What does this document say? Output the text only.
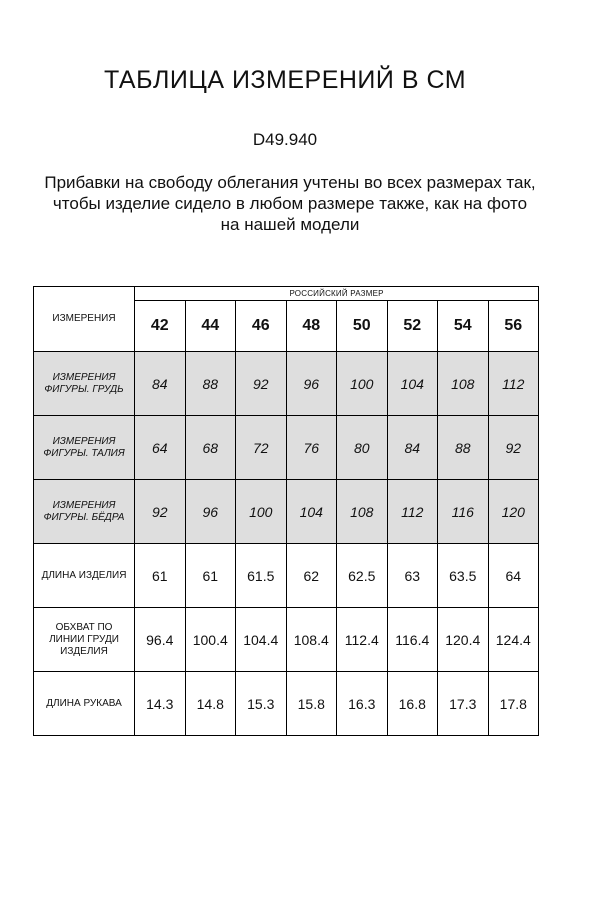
ТАБЛИЦА ИЗМЕРЕНИЙ В СМ
D49.940
Прибавки на свободу облегания учтены во всех размерах так,
чтобы изделие сидело в любом размере также, как на фото
на нашей модели
ИЗМЕРЕНИЯ	РОССИЙСКИЙ РАЗМЕР							
	42	44	46	48	50	52	54	56

ИЗМЕРЕНИЯ
ФИГУРЫ. ГРУДЬ	84	88	92	96	100	104	108	112

ИЗМЕРЕНИЯ
ФИГУРЫ. ТАЛИЯ	64	68	72	76	80	84	88	92

ИЗМЕРЕНИЯ
ФИГУРЫ. БЁДРА	92	96	100	104	108	112	116	120

ДЛИНА ИЗДЕЛИЯ	61	61	61.5	62	62.5	63	63.5	64

ОБХВАТ ПО
ЛИНИИ ГРУДИ
ИЗДЕЛИЯ	96.4	100.4	104.4	108.4	112.4	116.4	120.4	124.4

ДЛИНА РУКАВА	14.3	14.8	15.3	15.8	16.3	16.8	17.3	17.8
